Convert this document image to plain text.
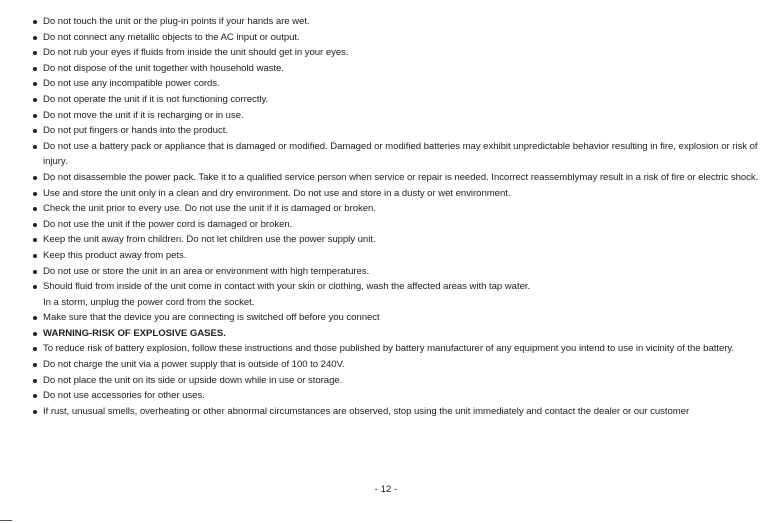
Do not touch the unit or the plug-in points if your hands are wet.
Do not connect any metallic objects to the AC input or output.
Do not rub your eyes if fluids from inside the unit should get in your eyes.
Do not dispose of the unit together with household waste.
Do not use any incompatible power cords.
Do not operate the unit if it is not functioning correctly.
Do not move the unit if it is recharging or in use.
Do not put fingers or hands into the product.
Do not use a battery pack or appliance that is damaged or modified. Damaged or modified batteries may exhibit unpredictable behavior resulting in fire, explosion or risk of injury.
Do not disassemble the power pack. Take it to a qualified service person when service or repair is needed. Incorrect reassemblymay result in a risk of fire or electric shock.
Use and store the unit only in a clean and dry environment. Do not use and store in a dusty or wet environment.
Check the unit prior to every use. Do not use the unit if it is damaged or broken.
Do not use the unit if the power cord is damaged or broken.
Keep the unit away from children. Do not let children use the power supply unit.
Keep this product away from pets.
Do not use or store the unit in an area or environment with high temperatures.
Should fluid from inside of the unit come in contact with your skin or clothing, wash the affected areas with tap water.
In a storm, unplug the power cord from the socket.
Make sure that the device you are connecting is switched off before you connect
WARNING-RISK OF EXPLOSIVE GASES.
To reduce risk of battery explosion, follow these instructions and those published by battery manufacturer of any equipment you intend to use in vicinity of the battery.
Do not charge the unit via a power supply that is outside of 100 to 240V.
Do not place the unit on its side or upside down while in use or storage.
Do not use accessories for other uses.
If rust, unusual smells, overheating or other abnormal circumstances are observed, stop using the unit immediately and contact the dealer or our customer
- 12 -
